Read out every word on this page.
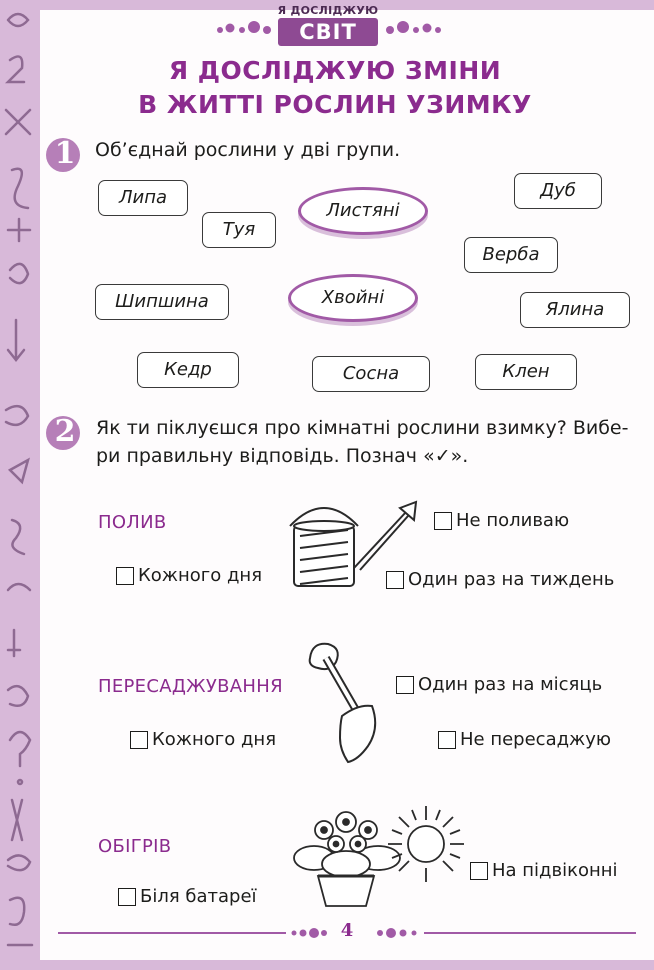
Я ДОСЛІДЖУЮ
СВІТ
Я ДОСЛІДЖУЮ ЗМІНИ
В ЖИТТІ РОСЛИН УЗИМКУ
1	Об’єднай рослини у дві групи.
Липа
Туя
Листяні
Дуб
Верба
Шипшина	Хвойні
Ялина
Кедр	Сосна	Клен
2	Як ти піклуєшся про кімнатні рослини взимку? Вибе-
ри правильну відповідь. Познач «✓».
ПОЛИВ	Не поливаю
Кожного дня	Один раз на тиждень
ПЕРЕСАДЖУВАННЯ	Один раз на місяць
Кожного дня	Не пересаджую
ОБІГРІВ
На підвіконні
Біля батареї
4
